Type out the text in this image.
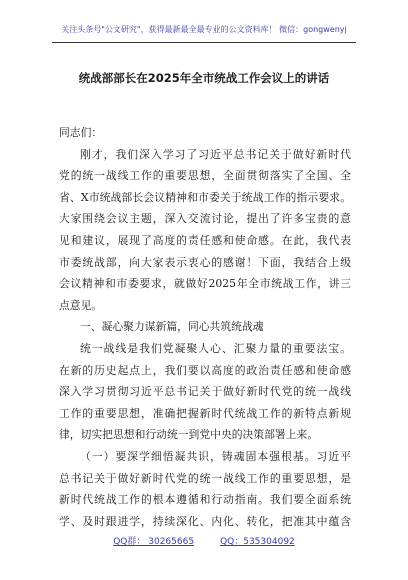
关注头条号"公文研究"，获得最新最全最专业的公文资料库！ 微信：gongwenyj
统战部部长在2025年全市统战工作会议上的讲话
同志们：
刚才，我们深入学习了习近平总书记关于做好新时代
党的统一战线工作的重要思想，全面贯彻落实了全国、全
省、X市统战部长会议精神和市委关于统战工作的指示要求。
大家围绕会议主题，深入交流讨论，提出了许多宝贵的意
见和建议，展现了高度的责任感和使命感。在此，我代表
市委统战部，向大家表示衷心的感谢！下面，我结合上级
会议精神和市委要求，就做好2025年全市统战工作，讲三
点意见。
一、凝心聚力谋新篇，同心共筑统战魂
统一战线是我们党凝聚人心、汇聚力量的重要法宝。
在新的历史起点上，我们要以高度的政治责任感和使命感
深入学习贯彻习近平总书记关于做好新时代党的统一战线
工作的重要思想，准确把握新时代统战工作的新特点新规
律，切实把思想和行动统一到党中央的决策部署上来。
（一）要深学细悟凝共识，铸魂固本强根基。习近平
总书记关于做好新时代党的统一战线工作的重要思想，是
新时代统战工作的根本遵循和行动指南。我们要全面系统
学、及时跟进学，持续深化、内化、转化，把准其中蕴含
QQ群： 30265665	QQ：535304092
